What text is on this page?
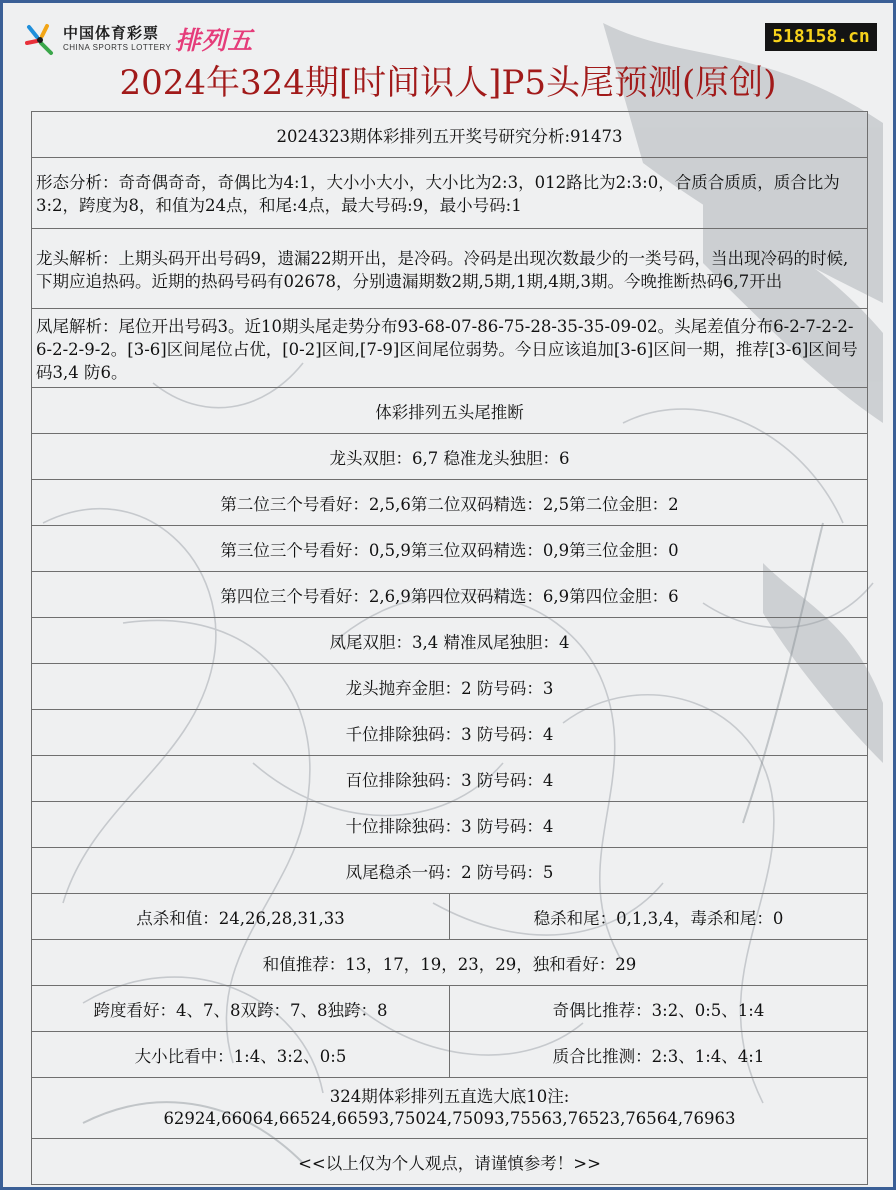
中国体育彩票
CHINA SPORTS LOTTERY 排列五	518158.cn
2024年324期[时间识人]P5头尾预测(原创)
2024323期体彩排列五开奖号研究分析:91473	
形态分析：奇奇偶奇奇，奇偶比为4:1，大小小大小，大小比为2:3，012路比为2:3:0，合质合质质，质合比为3:2，跨度为8，和值为24点，和尾:4点，最大号码:9，最小号码:1	
龙头解析：上期头码开出号码9，遗漏22期开出，是冷码。冷码是出现次数最少的一类号码，当出现冷码的时候,下期应追热码。近期的热码号码有02678，分别遗漏期数2期,5期,1期,4期,3期。今晚推断热码6,7开出	
凤尾解析：尾位开出号码3。近10期头尾走势分布93-68-07-86-75-28-35-35-09-02。头尾差值分布6-2-7-2-2-6-2-2-9-2。[3-6]区间尾位占优，[0-2]区间,[7-9]区间尾位弱势。今日应该追加[3-6]区间一期，推荐[3-6]区间号码3,4 防6。	
体彩排列五头尾推断	
龙头双胆：6,7 稳准龙头独胆：6	
第二位三个号看好：2,5,6第二位双码精选：2,5第二位金胆：2	
第三位三个号看好：0,5,9第三位双码精选：0,9第三位金胆：0	
第四位三个号看好：2,6,9第四位双码精选：6,9第四位金胆：6	
凤尾双胆：3,4 精准凤尾独胆：4	
龙头抛弃金胆：2 防号码：3	
千位排除独码：3 防号码：4	
百位排除独码：3 防号码：4	
十位排除独码：3 防号码：4	
凤尾稳杀一码：2 防号码：5	
点杀和值：24,26,28,31,33	稳杀和尾：0,1,3,4，毒杀和尾：0
和值推荐：13，17，19，23，29，独和看好：29	
跨度看好：4、7、8双跨：7、8独跨：8	奇偶比推荐：3:2、0:5、1:4
大小比看中：1:4、3:2、0:5	质合比推测：2:3、1:4、4:1

324期体彩排列五直选大底10注:
62924,66064,66524,66593,75024,75093,75563,76523,76564,76963	

<<以上仅为个人观点，请谨慎参考！>>	
